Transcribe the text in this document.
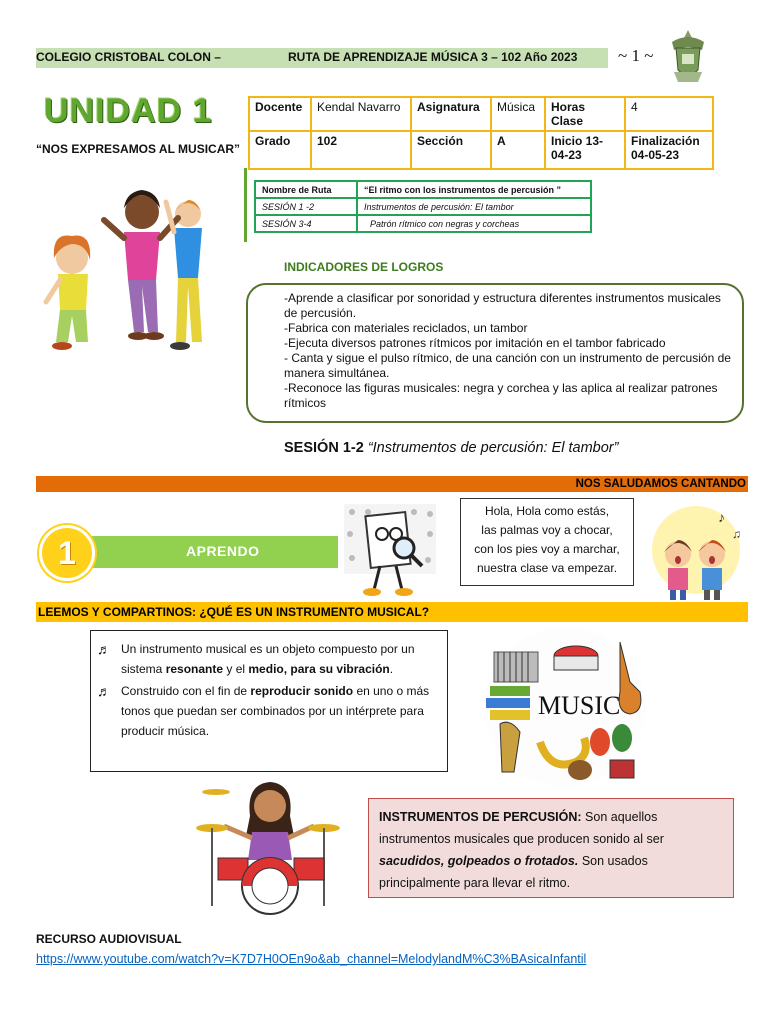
COLEGIO CRISTOBAL COLON –	RUTA DE APRENDIZAJE MÚSICA 3 – 102 Año 2023 ~ 1 ~
UNIDAD 1
“NOS EXPRESAMOS AL MUSICAR”
Docente	Kendal Navarro	Asignatura	Música	Horas Clase	4
Grado	102	Sección	A	Inicio 13-04-23	Finalización 04-05-23
Nombre de Ruta	“El ritmo con los instrumentos de percusión ”
SESIÓN 1 -2	Instrumentos de percusión: El tambor
SESIÓN 3-4	Patrón rítmico con negras y corcheas
INDICADORES DE LOGROS
-Aprende a clasificar por sonoridad y estructura diferentes instrumentos musicales de percusión.
-Fabrica con materiales reciclados, un tambor
-Ejecuta diversos patrones rítmicos por imitación en el tambor fabricado
- Canta y sigue el pulso rítmico, de una canción con un instrumento de percusión de manera simultánea.
-Reconoce las figuras musicales: negra y corchea y las aplica al realizar patrones rítmicos
SESIÓN 1-2 “Instrumentos de percusión: El tambor”
NOS SALUDAMOS CANTANDO
1	APRENDO
Hola, Hola como estás,
las palmas voy a chocar,
con los pies voy a marchar,
nuestra clase va empezar.
♪
♫
LEEMOS Y COMPARTINOS: ¿QUÉ ES UN INSTRUMENTO MUSICAL?
♬ Un instrumento musical es un objeto compuesto por un sistema resonante y el medio, para su vibración.
♬ Construido con el fin de reproducir sonido en uno o más tonos que puedan ser combinados por un intérprete para producir música.
MUSIC
INSTRUMENTOS DE PERCUSIÓN: Son aquellos instrumentos musicales que producen sonido al ser sacudidos, golpeados o frotados. Son usados principalmente para llevar el ritmo.
RECURSO AUDIOVISUAL
https://www.youtube.com/watch?v=K7D7H0OEn9o&ab_channel=MelodylandM%C3%BAsicaInfantil
